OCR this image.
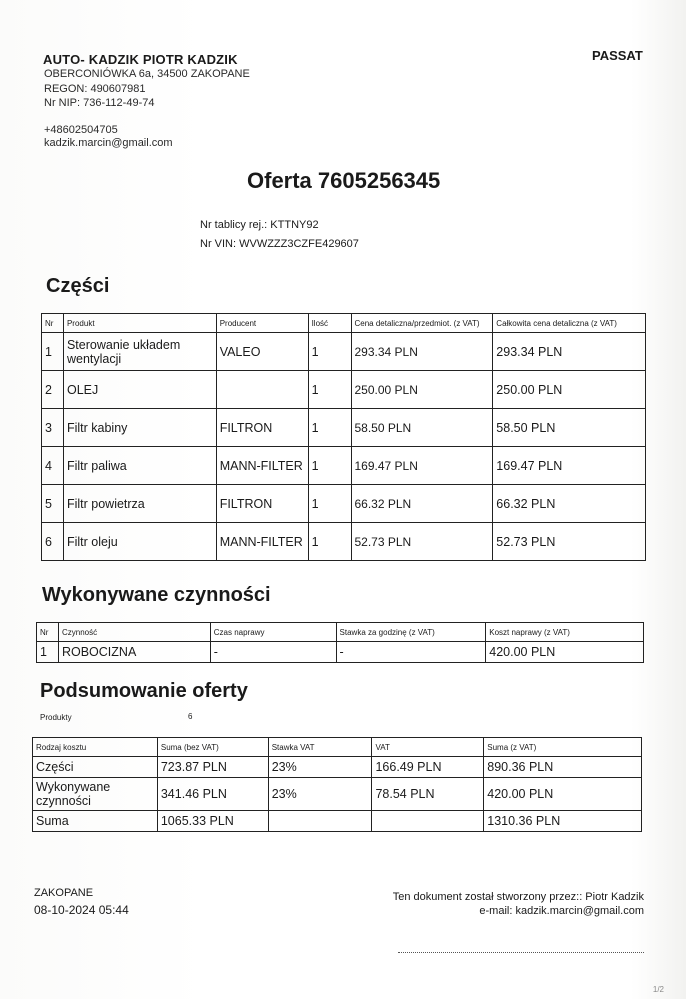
AUTO- KADZIK PIOTR KADZIK
OBERCONIÓWKA 6a, 34500 ZAKOPANE
REGON: 490607981
Nr NIP: 736-112-49-74
+48602504705
kadzik.marcin@gmail.com
PASSAT
Oferta 7605256345
Nr tablicy rej.: KTTNY92
Nr VIN: WVWZZZ3CZFE429607
Części
Nr	Produkt	Producent	Ilość	Cena detaliczna/przedmiot. (z VAT)	Całkowita cena detaliczna (z VAT)
1	Sterowanie układem wentylacji	VALEO	1	293.34 PLN	293.34 PLN
2	OLEJ		1	250.00 PLN	250.00 PLN
3	Filtr kabiny	FILTRON	1	58.50 PLN	58.50 PLN
4	Filtr paliwa	MANN-FILTER	1	169.47 PLN	169.47 PLN
5	Filtr powietrza	FILTRON	1	66.32 PLN	66.32 PLN
6	Filtr oleju	MANN-FILTER	1	52.73 PLN	52.73 PLN
Wykonywane czynności
Nr	Czynność	Czas naprawy	Stawka za godzinę (z VAT)	Koszt naprawy (z VAT)
1	ROBOCIZNA	-	-	420.00 PLN
Podsumowanie oferty
Produkty	6
Rodzaj kosztu	Suma (bez VAT)	Stawka VAT	VAT	Suma (z VAT)
Części	723.87 PLN	23%	166.49 PLN	890.36 PLN
Wykonywane czynności	341.46 PLN	23%	78.54 PLN	420.00 PLN
Suma	1065.33 PLN			1310.36 PLN
ZAKOPANE
08-10-2024 05:44
Ten dokument został stworzony przez:: Piotr Kadzik
e-mail: kadzik.marcin@gmail.com
1/2
